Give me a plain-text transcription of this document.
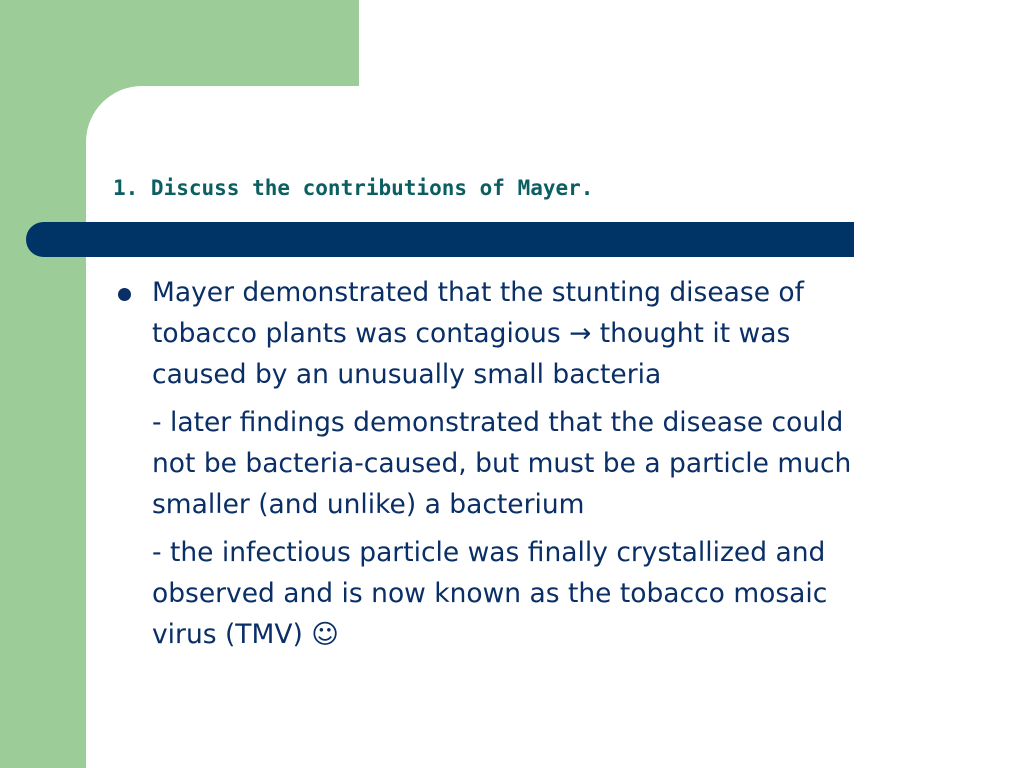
1. Discuss the contributions of Mayer.

Mayer demonstrated that the stunting disease of
tobacco plants was contagious → thought it was
caused by an unusually small bacteria

- later findings demonstrated that the disease could
not be bacteria-caused, but must be a particle much
smaller (and unlike) a bacterium

- the infectious particle was finally crystallized and
observed and is now known as the tobacco mosaic
virus (TMV) ☺
